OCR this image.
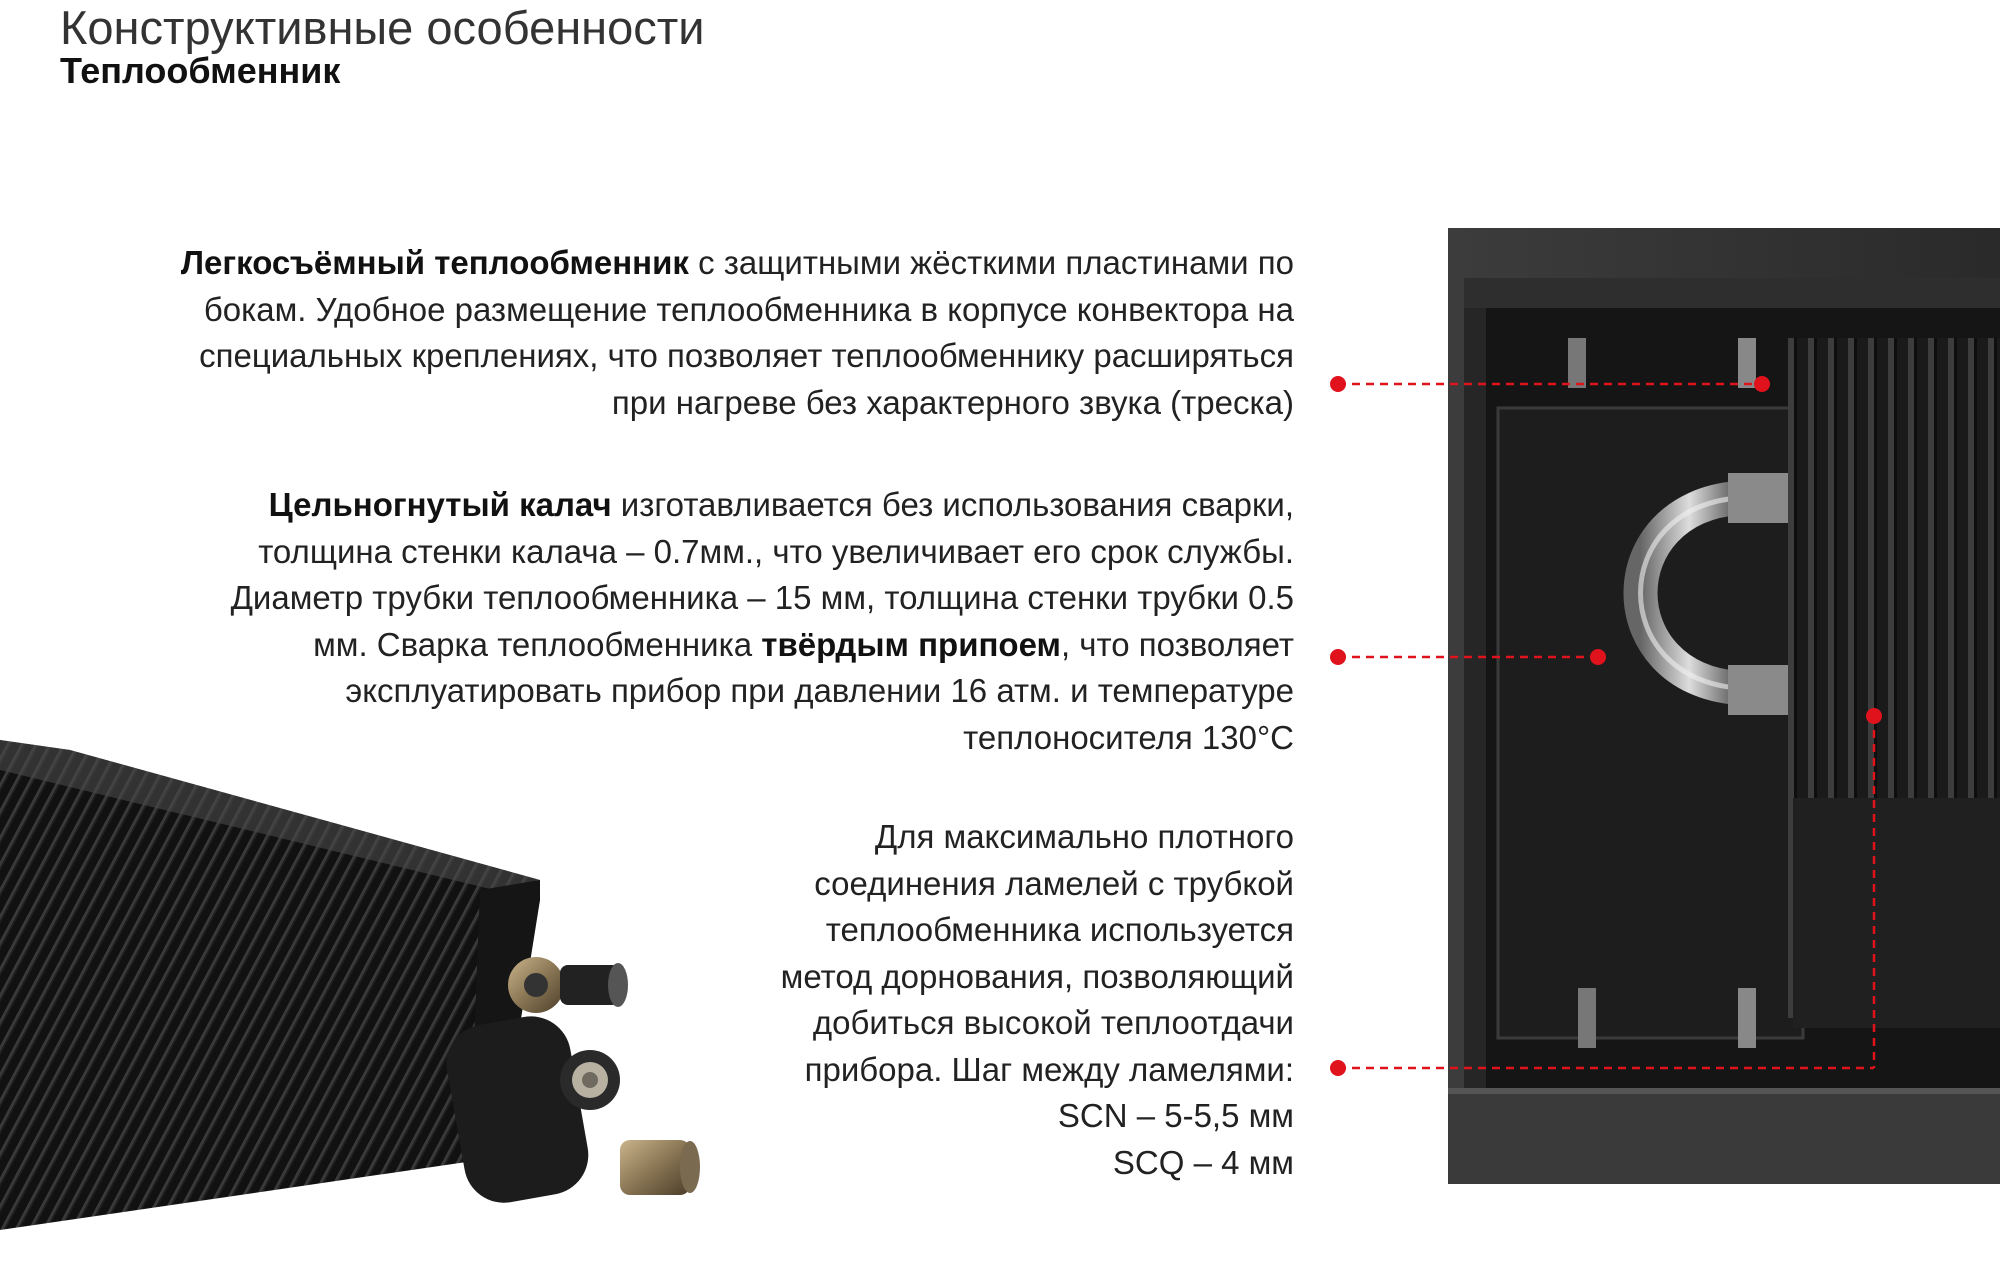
Конструктивные особенности
Теплообменник
Легкосъёмный теплообменник с защитными жёсткими пластинами по
бокам. Удобное размещение теплообменника в корпусе конвектора на
специальных креплениях, что позволяет теплообменнику расширяться
при нагреве без характерного звука (треска)
Цельногнутый калач изготавливается без использования сварки,
толщина стенки калача – 0.7мм., что увеличивает его срок службы.
Диаметр трубки теплообменника – 15 мм, толщина стенки трубки 0.5
мм. Сварка теплообменника твёрдым припоем, что позволяет
эксплуатировать прибор при давлении 16 атм. и температуре
теплоносителя 130°С
Для максимально плотного
соединения ламелей с трубкой
теплообменника используется
метод дорнования, позволяющий
добиться высокой теплоотдачи
прибора. Шаг между ламелями:
SCN – 5-5,5 мм
SCQ – 4 мм
